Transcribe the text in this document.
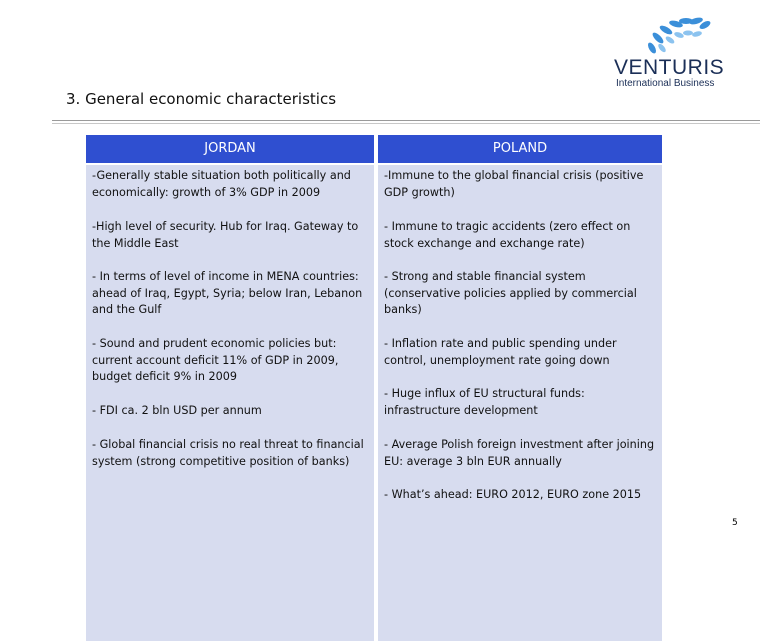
VENTURIS
International Business
3. General economic characteristics
JORDAN	POLAND
-Generally stable situation both politically and economically: growth of 3% GDP in 2009
-High level of security. Hub for Iraq. Gateway to the Middle East
- In terms of level of income in MENA countries: ahead of Iraq, Egypt, Syria; below Iran, Lebanon and the Gulf
- Sound and prudent economic policies but: current account deficit 11% of GDP in 2009, budget deficit 9% in 2009
- FDI ca. 2 bln USD per annum
- Global financial crisis no real threat to financial system (strong competitive position of banks)
-Immune to the global financial crisis (positive GDP growth)
- Immune to tragic accidents (zero effect on stock exchange and exchange rate)
- Strong and stable financial system (conservative policies applied by commercial banks)
- Inflation rate and public spending under control, unemployment rate going down
- Huge influx of EU structural funds: infrastructure development
- Average Polish foreign investment after joining EU: average 3 bln EUR annually
- What’s ahead: EURO 2012, EURO zone 2015
5
